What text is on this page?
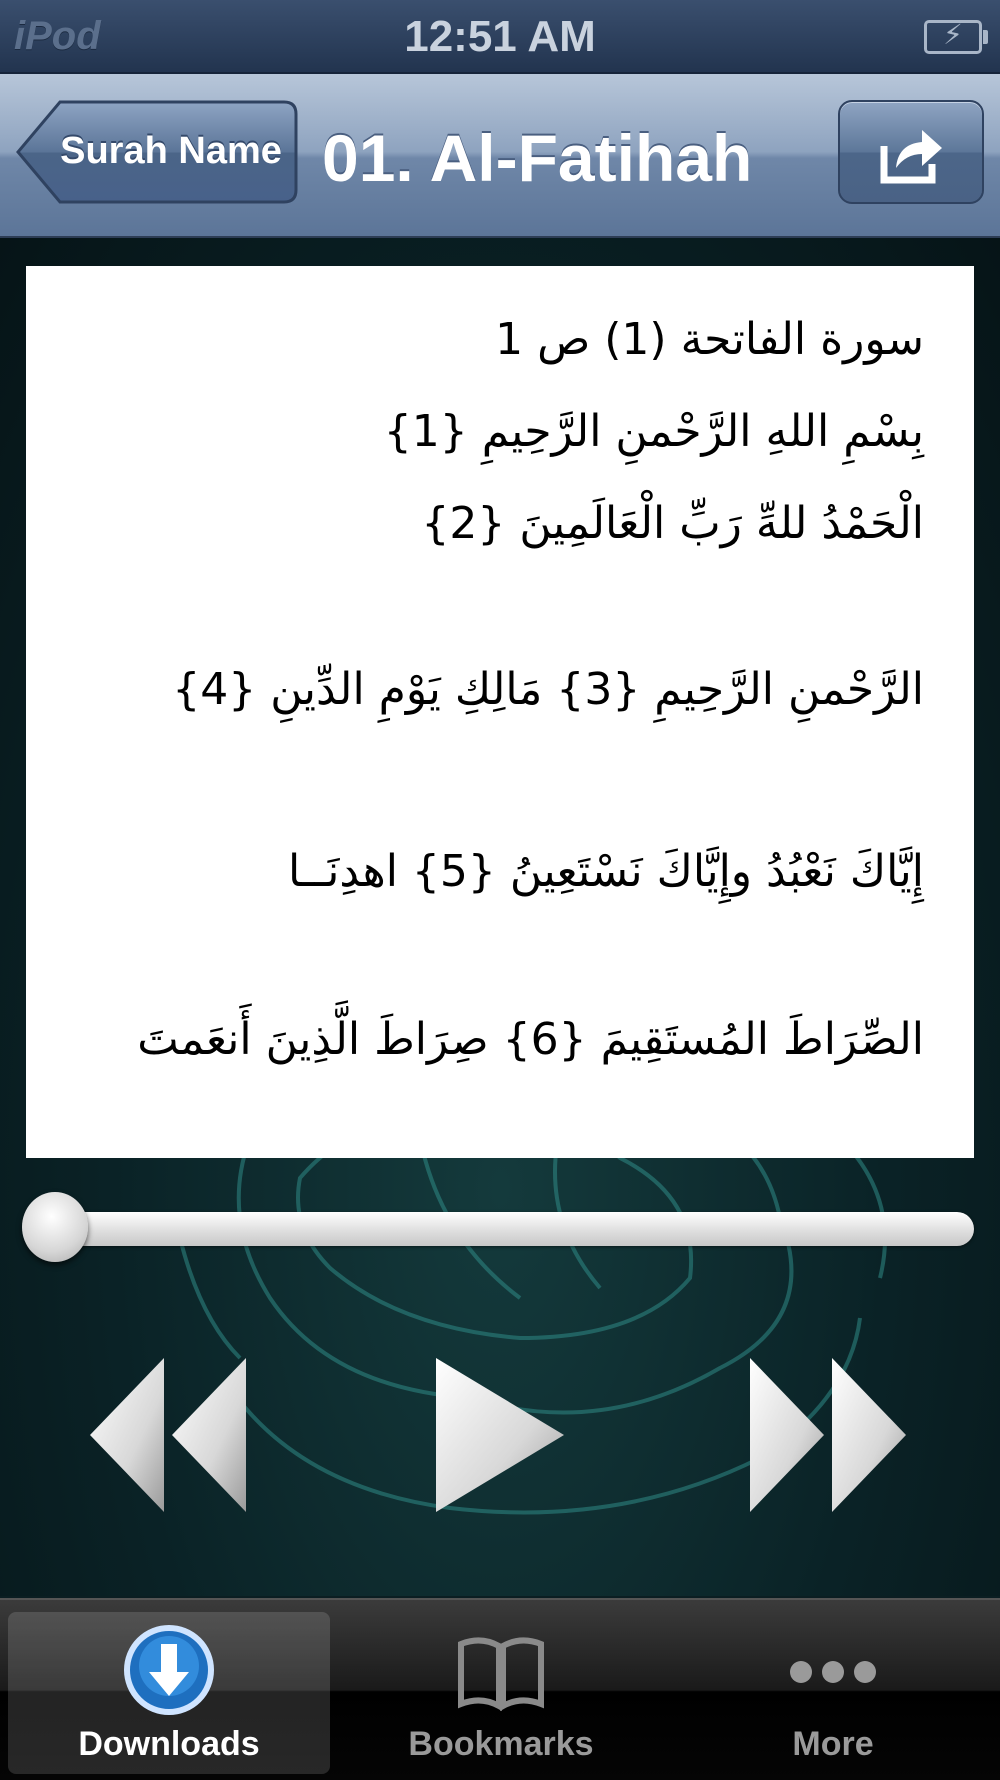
iPod	12:51 AM	⚡
Surah Name 01. Al-Fatihah
سورة الفاتحة (1) ص 1
بِسْمِ اللهِ الرَّحْمنِ الرَّحِيمِ {1}
الْحَمْدُ للهِّ رَبِّ الْعَالَمِينَ {2}
الرَّحْمنِ الرَّحِيمِ {3} مَالِكِ يَوْمِ الدِّينِ {4}
إِيَّاكَ نَعْبُدُ وإِيَّاكَ نَسْتَعِينُ {5} اهدِنَــا
الصِّرَاطَ المُستَقِيمَ {6} صِرَاطَ الَّذِينَ أَنعَمتَ
Downloads	Bookmarks	More
